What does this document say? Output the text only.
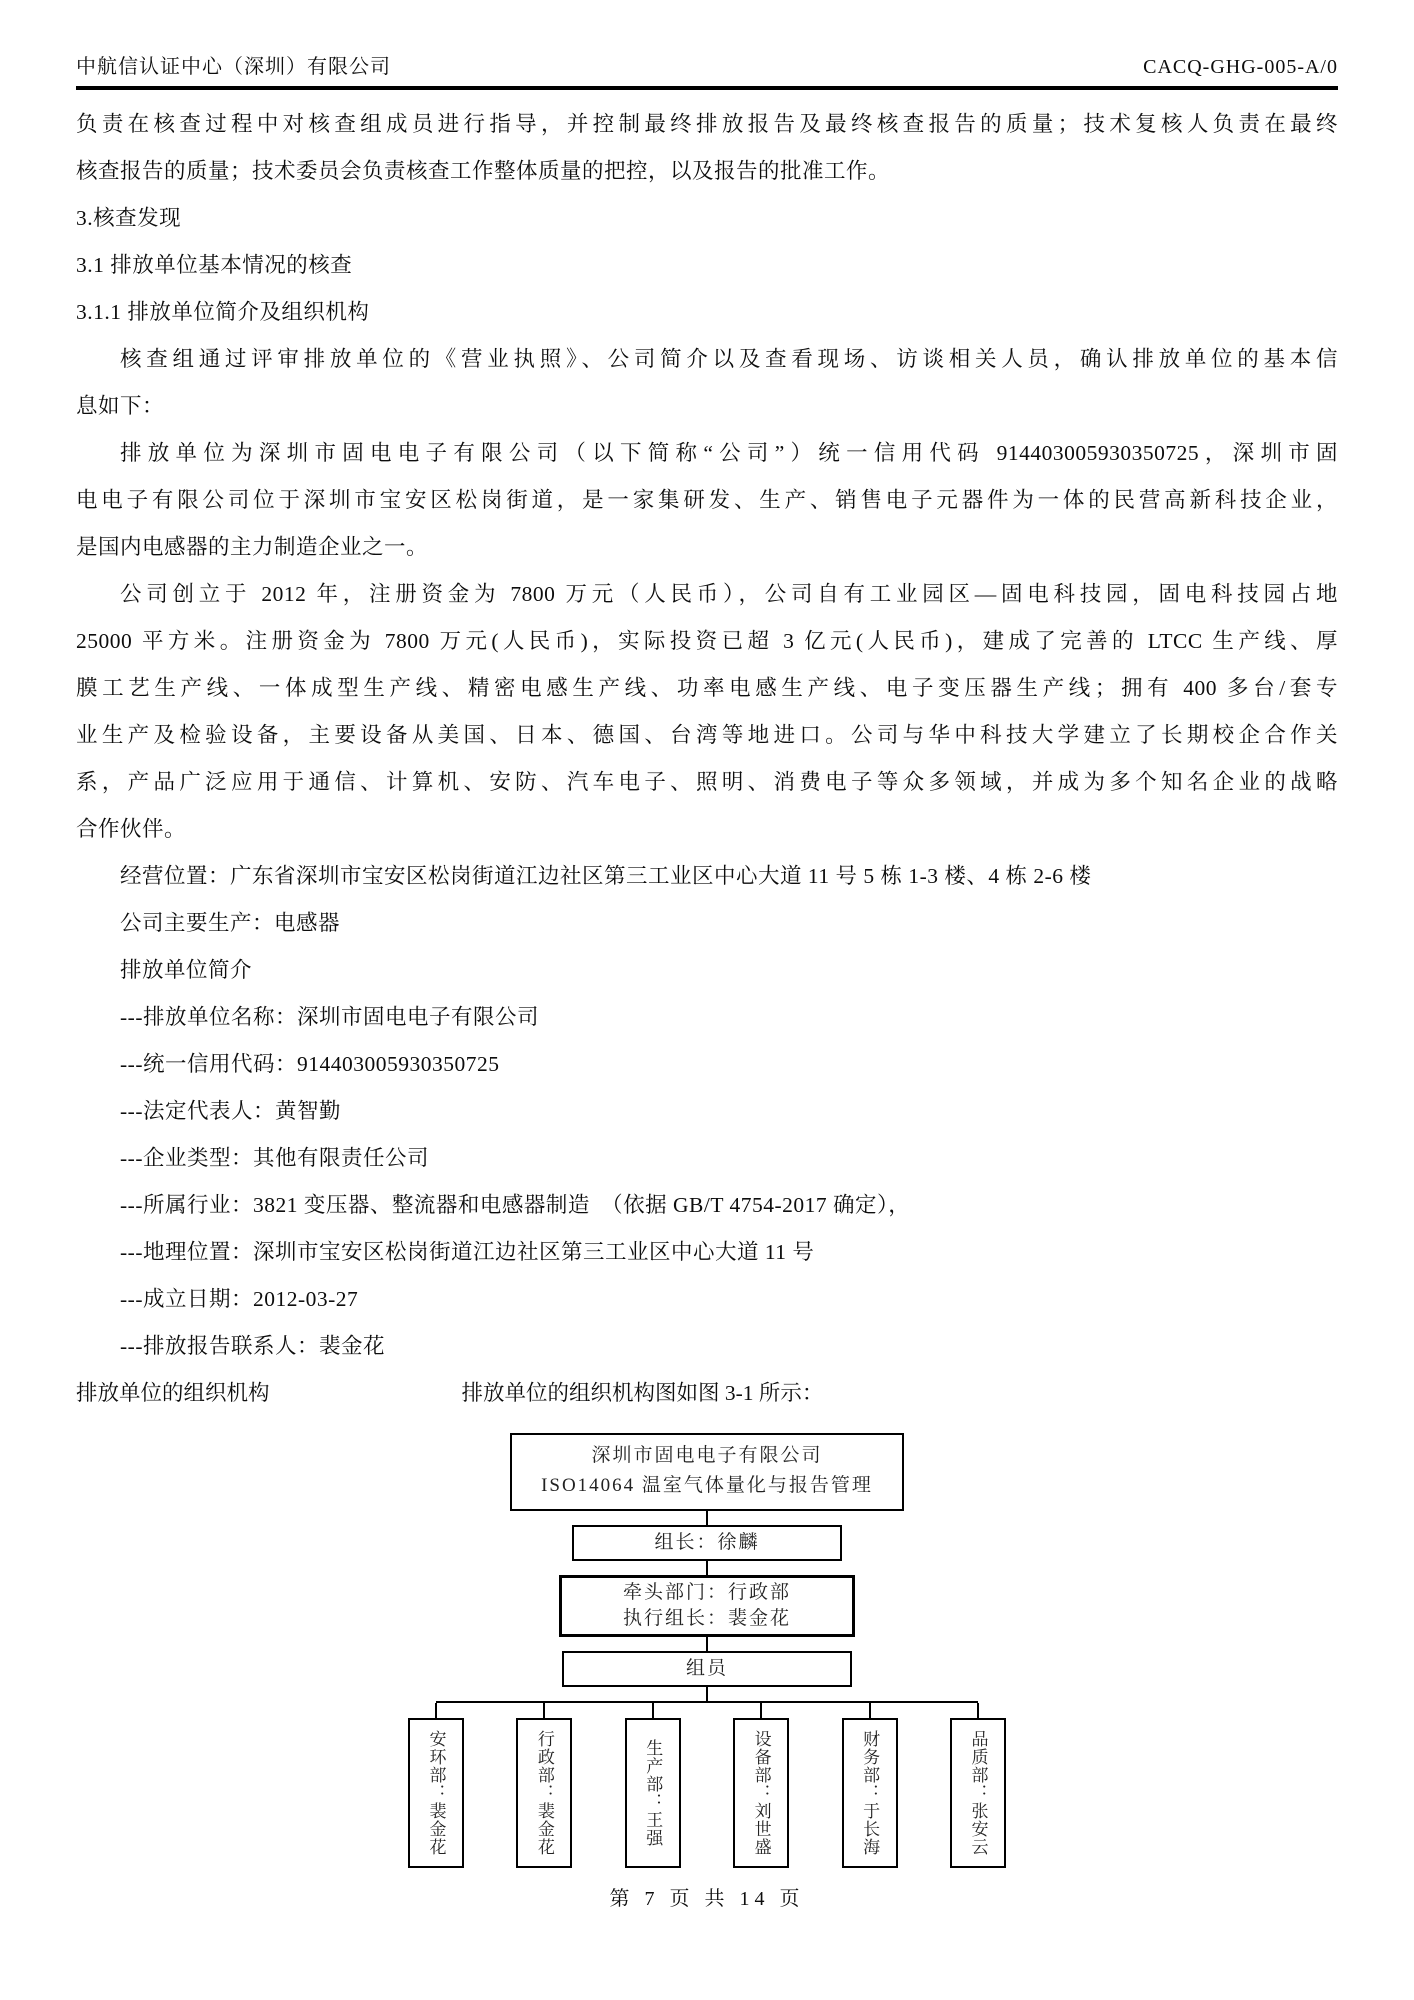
中航信认证中心（深圳）有限公司	CACQ-GHG-005-A/0
负责在核查过程中对核查组成员进行指导，并控制最终排放报告及最终核查报告的质量；技术复核人负责在最终
核查报告的质量；技术委员会负责核查工作整体质量的把控，以及报告的批准工作。
3.核查发现
3.1 排放单位基本情况的核查
3.1.1 排放单位简介及组织机构
核查组通过评审排放单位的《营业执照》、公司简介以及查看现场、访谈相关人员，确认排放单位的基本信
息如下：
排放单位为深圳市固电电子有限公司（以下简称“公司”）统一信用代码 914403005930350725，深圳市固
电电子有限公司位于深圳市宝安区松岗街道，是一家集研发、生产、销售电子元器件为一体的民营高新科技企业，
是国内电感器的主力制造企业之一。
公司创立于 2012 年，注册资金为 7800 万元（人民币），公司自有工业园区—固电科技园，固电科技园占地
25000 平方米。注册资金为 7800 万元(人民币)，实际投资已超 3 亿元(人民币)，建成了完善的 LTCC 生产线、厚
膜工艺生产线、一体成型生产线、精密电感生产线、功率电感生产线、电子变压器生产线；拥有 400 多台/套专
业生产及检验设备，主要设备从美国、日本、德国、台湾等地进口。公司与华中科技大学建立了长期校企合作关
系，产品广泛应用于通信、计算机、安防、汽车电子、照明、消费电子等众多领域，并成为多个知名企业的战略
合作伙伴。
经营位置：广东省深圳市宝安区松岗街道江边社区第三工业区中心大道 11 号 5 栋 1-3 楼、4 栋 2-6 楼
公司主要生产：电感器
排放单位简介
---排放单位名称：深圳市固电电子有限公司
---统一信用代码：914403005930350725
---法定代表人：黄智勤
---企业类型：其他有限责任公司
---所属行业：3821 变压器、整流器和电感器制造　（依据 GB/T 4754-2017 确定），
---地理位置：深圳市宝安区松岗街道江边社区第三工业区中心大道 11 号
---成立日期：2012-03-27
---排放报告联系人：裴金花
排放单位的组织机构	排放单位的组织机构图如图 3-1 所示：
深圳市固电电子有限公司
ISO14064 温室气体量化与报告管理
组长：徐麟
牵头部门：行政部
执行组长：裴金花
组员
安环部：裴金花	行政部：裴金花	生产部：王强	设备部：刘世盛	财务部：于长海	品质部：张安云
第 7 页 共 14 页
